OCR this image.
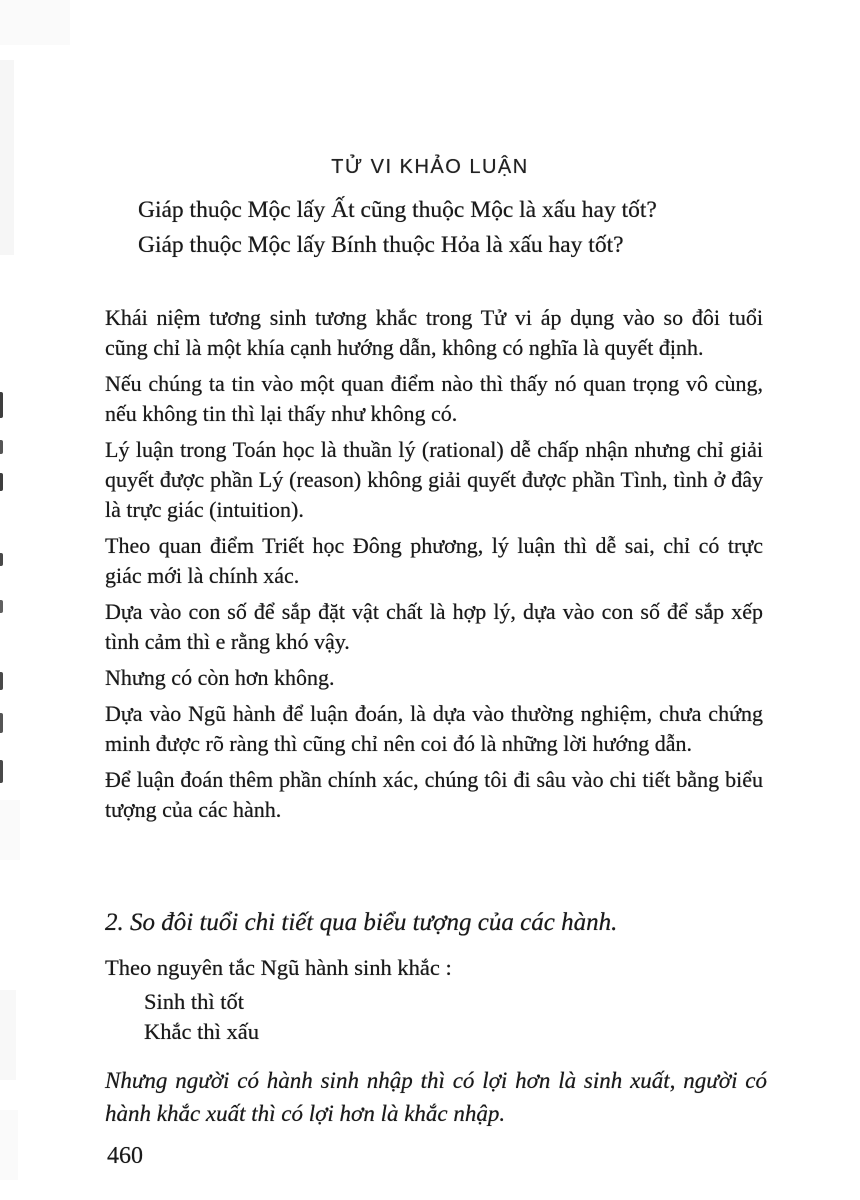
TỬ VI KHẢO LUẬN
Giáp thuộc Mộc lấy Ất cũng thuộc Mộc là xấu hay tốt?
Giáp thuộc Mộc lấy Bính thuộc Hỏa là xấu hay tốt?

Khái niệm tương sinh tương khắc trong Tử vi áp dụng vào so đôi tuổi cũng chỉ là một khía cạnh hướng dẫn, không có nghĩa là quyết định.

Nếu chúng ta tin vào một quan điểm nào thì thấy nó quan trọng vô cùng, nếu không tin thì lại thấy như không có.

Lý luận trong Toán học là thuần lý (rational) dễ chấp nhận nhưng chỉ giải quyết được phần Lý (reason) không giải quyết được phần Tình, tình ở đây là trực giác (intuition).

Theo quan điểm Triết học Đông phương, lý luận thì dễ sai, chỉ có trực giác mới là chính xác.

Dựa vào con số để sắp đặt vật chất là hợp lý, dựa vào con số để sắp xếp tình cảm thì e rằng khó vậy.

Nhưng có còn hơn không.

Dựa vào Ngũ hành để luận đoán, là dựa vào thường nghiệm, chưa chứng minh được rõ ràng thì cũng chỉ nên coi đó là những lời hướng dẫn.

Để luận đoán thêm phần chính xác, chúng tôi đi sâu vào chi tiết bằng biểu tượng của các hành.

2. So đôi tuổi chi tiết qua biểu tượng của các hành.
Theo nguyên tắc Ngũ hành sinh khắc :
Sinh thì tốt
Khắc thì xấu
Nhưng người có hành sinh nhập thì có lợi hơn là sinh xuất, người có hành khắc xuất thì có lợi hơn là khắc nhập.
460
